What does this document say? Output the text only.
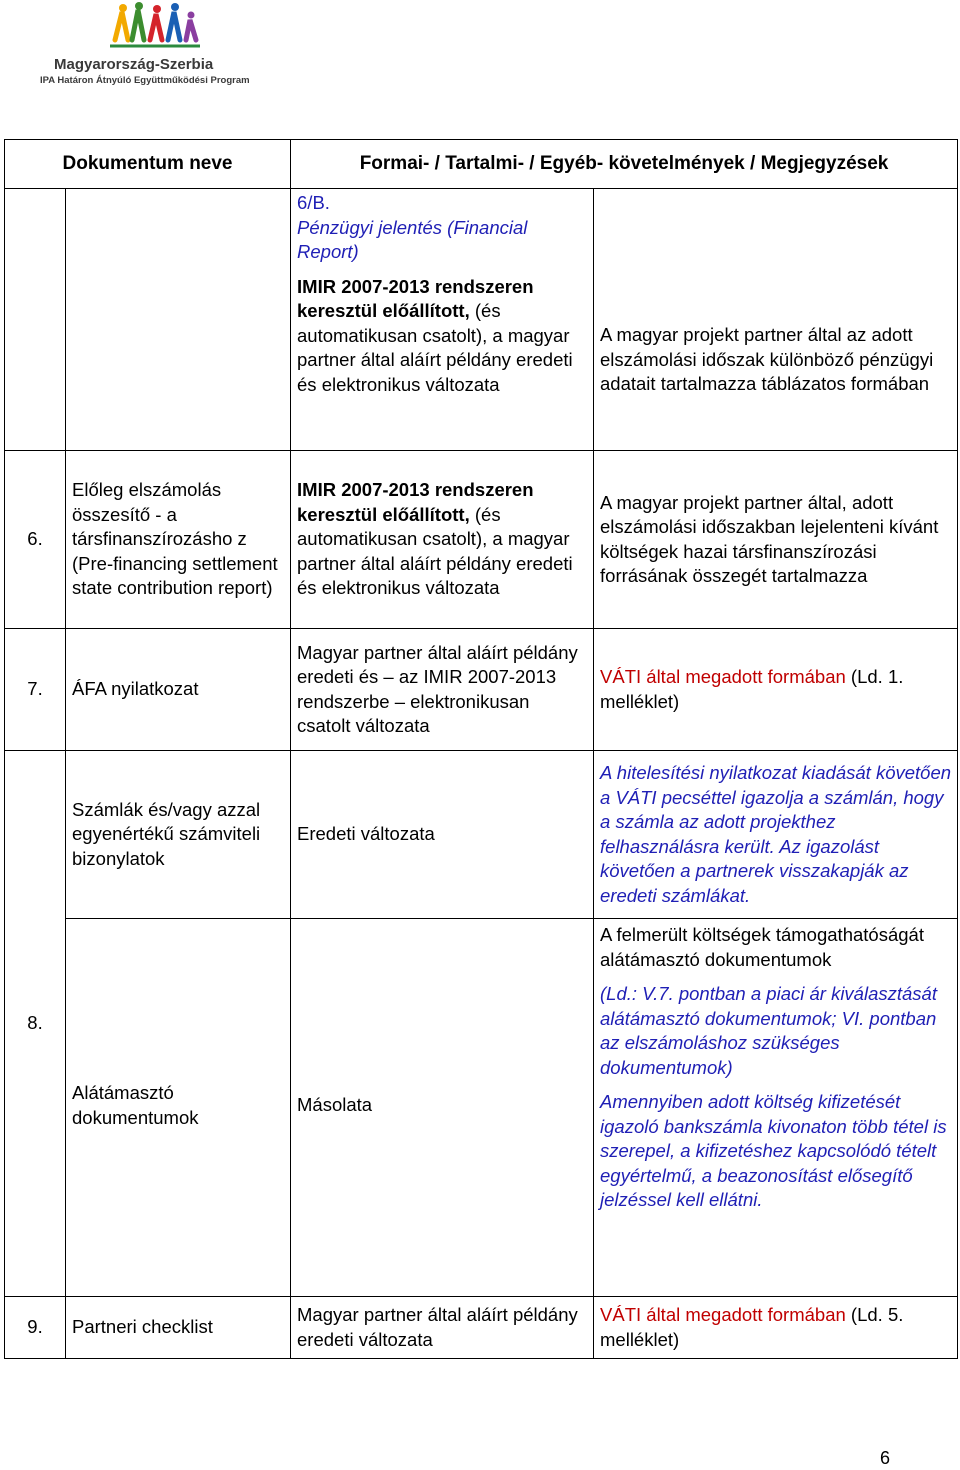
Magyarország-Szerbia
IPA Határon Átnyúló Együttműködési Program
Dokumentum neve		Formai- / Tartalmi- / Egyéb- követelmények / Megjegyzések	

		6/B.

Pénzügyi jelentés (Financial Report)

IMIR 2007-2013 rendszeren keresztül előállított, (és automatikusan csatolt), a magyar partner által aláírt példány eredeti és elektronikus változata	A magyar projekt partner által az adott elszámolási időszak különböző pénzügyi adatait tartalmazza táblázatos formában
6.	Előleg elszámolás összesítő - a társfinanszírozásho z (Pre-financing settlement state contribution report)	IMIR 2007-2013 rendszeren keresztül előállított, (és automatikusan csatolt), a magyar partner által aláírt példány eredeti és elektronikus változata	A magyar projekt partner által, adott elszámolási időszakban lejelenteni kívánt költségek hazai társfinanszírozási forrásának összegét tartalmazza
7.	ÁFA nyilatkozat	Magyar partner által aláírt példány eredeti és – az IMIR 2007-2013 rendszerbe – elektronikusan csatolt változata	VÁTI által megadott formában (Ld. 1. melléklet)
8.	Számlák és/vagy azzal egyenértékű számviteli bizonylatok	Eredeti változata	A hitelesítési nyilatkozat kiadását követően a VÁTI pecséttel igazolja a számlán, hogy a számla az adott projekthez felhasználásra került. Az igazolást követően a partnerek visszakapják az eredeti számlákat.
	Alátámasztó dokumentumok	Másolata	A felmerült költségek támogathatóságát alátámasztó dokumentumok

(Ld.: V.7. pontban a piaci ár kiválasztását alátámasztó dokumentumok; VI. pontban az elszámoláshoz szükséges dokumentumok)

Amennyiben adott költség kifizetését igazoló bankszámla kivonaton több tétel is szerepel, a kifizetéshez kapcsolódó tételt egyértelmű, a beazonosítást elősegítő jelzéssel kell ellátni.

9.	Partneri checklist	Magyar partner által aláírt példány eredeti változata	VÁTI által megadott formában (Ld. 5. melléklet)
6
